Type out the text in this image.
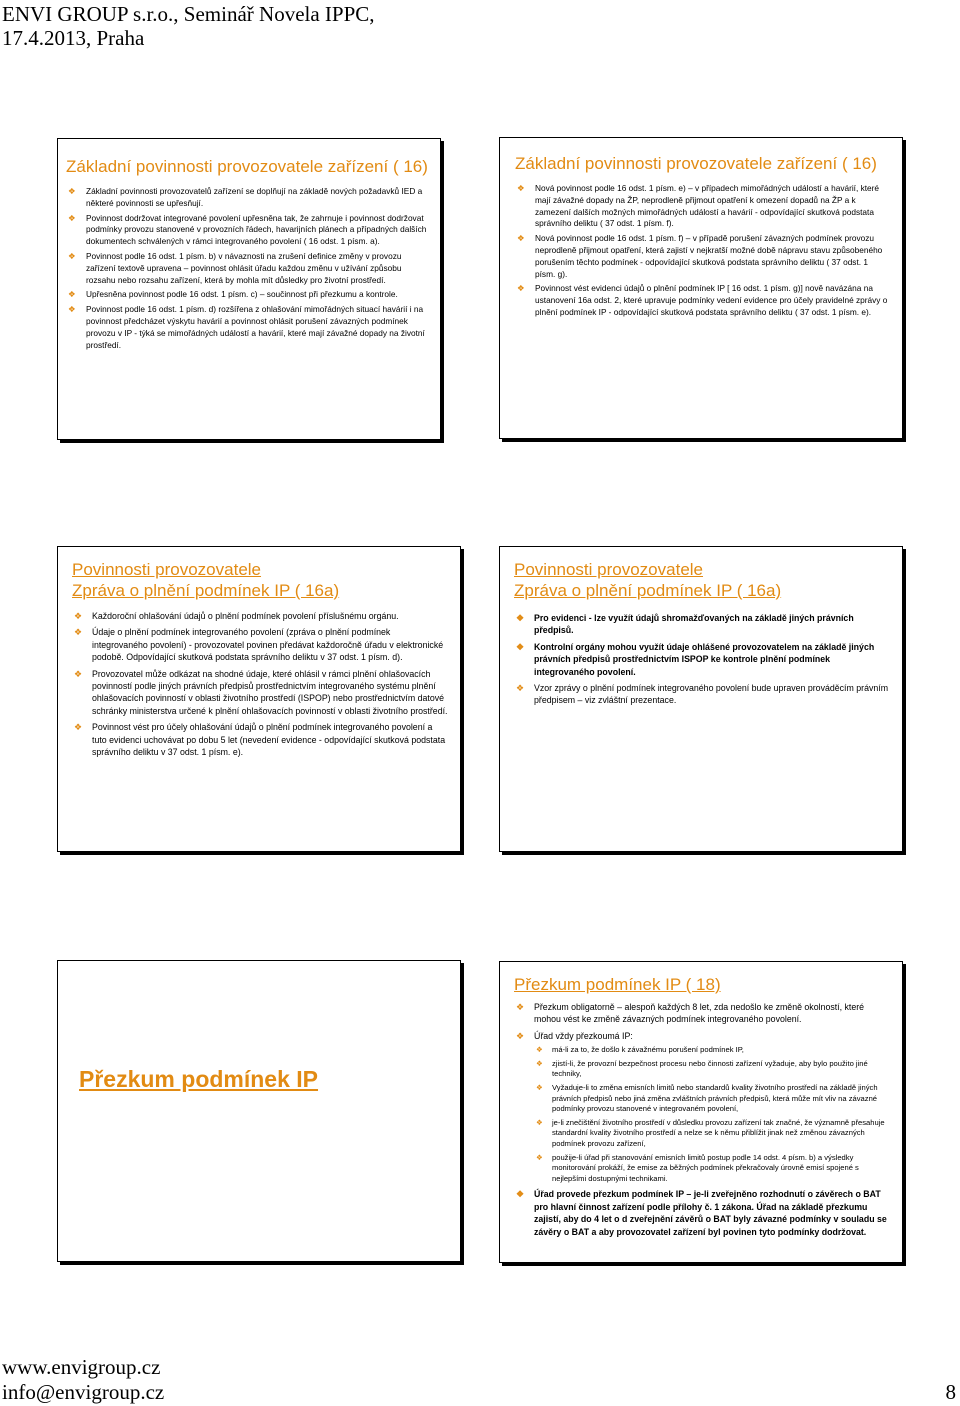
ENVI GROUP s.r.o., Seminář Novela IPPC,
17.4.2013, Praha
Základní povinnosti provozovatele zařízení ( 16)
❖ Základní povinnosti provozovatelů zařízení se doplňují na základě nových požadavků IED a některé povinnosti se upřesňují.
❖ Povinnost dodržovat integrované povolení upřesněna tak, že zahrnuje i povinnost dodržovat podmínky provozu stanovené v provozních řádech, havarijních plánech a případných dalších dokumentech schválených v rámci integrovaného povolení ( 16 odst. 1 písm. a).
❖ Povinnost podle 16 odst. 1 písm. b) v návaznosti na zrušení definice změny v provozu zařízení textově upravena – povinnost ohlásit úřadu každou změnu v užívání způsobu rozsahu nebo rozsahu zařízení, která by mohla mít důsledky pro životní prostředí.
❖ Upřesněna povinnost podle 16 odst. 1 písm. c) – součinnost při přezkumu a kontrole.
❖ Povinnost podle 16 odst. 1 písm. d) rozšířena z ohlašování mimořádných situací havárií i na povinnost předcházet výskytu havárií a povinnost ohlásit porušení závazných podmínek provozu v IP - týká se mimořádných událostí a havárií, které mají závažné dopady na životní prostředí.
Základní povinnosti provozovatele zařízení ( 16)
❖ Nová povinnost podle 16 odst. 1 písm. e) – v případech mimořádných událostí a havárií, které mají závažné dopady na ŽP, neprodleně přijmout opatření k omezení dopadů na ŽP a k zamezení dalších možných mimořádných událostí a havárií - odpovídající skutková podstata správního deliktu ( 37 odst. 1 písm. f).
❖ Nová povinnost podle 16 odst. 1 písm. f) – v případě porušení závazných podmínek provozu neprodleně přijmout opatření, která zajistí v nejkratší možné době nápravu stavu způsobeného porušením těchto podmínek - odpovídající skutková podstata správního deliktu ( 37 odst. 1 písm. g).
❖ Povinnost vést evidenci údajů o plnění podmínek IP [ 16 odst. 1 písm. g)] nově navázána na ustanovení 16a odst. 2, které upravuje podmínky vedení evidence pro účely pravidelné zprávy o plnění podmínek IP - odpovídající skutková podstata správního deliktu ( 37 odst. 1 písm. e).
Povinnosti provozovatele
Zpráva o plnění podmínek IP ( 16a)
❖ Každoroční ohlašování údajů o plnění podmínek povolení příslušnému orgánu.
❖ Údaje o plnění podmínek integrovaného povolení (zpráva o plnění podmínek integrovaného povolení) - provozovatel povinen předávat každoročně úřadu v elektronické podobě. Odpovídající skutková podstata správního deliktu v 37 odst. 1 písm. d).
❖ Provozovatel může odkázat na shodné údaje, které ohlásil v rámci plnění ohlašovacích povinností podle jiných právních předpisů prostřednictvím integrovaného systému plnění ohlašovacích povinností v oblasti životního prostředí (ISPOP) nebo prostřednictvím datové schránky ministerstva určené k plnění ohlašovacích povinností v oblasti životního prostředí.
❖ Povinnost vést pro účely ohlašování údajů o plnění podmínek integrovaného povolení a tuto evidenci uchovávat po dobu 5 let (nevedení evidence - odpovídající skutková podstata správního deliktu v 37 odst. 1 písm. e).
Povinnosti provozovatele
Zpráva o plnění podmínek IP ( 16a)
❖ Pro evidenci - lze využít údajů shromažďovaných na základě jiných právních předpisů.
❖ Kontrolní orgány mohou využít údaje ohlášené provozovatelem na základě jiných právních předpisů prostřednictvím ISPOP ke kontrole plnění podmínek integrovaného povolení.
❖ Vzor zprávy o plnění podmínek integrovaného povolení bude upraven prováděcím právním předpisem – viz zvláštní prezentace.
Přezkum podmínek IP
Přezkum podmínek IP ( 18)
❖ Přezkum obligatorně – alespoň každých 8 let, zda nedošlo ke změně okolností, které mohou vést ke změně závazných podmínek integrovaného povolení.
❖ Úřad vždy přezkoumá IP:
❖ má-li za to, že došlo k závažnému porušení podmínek IP,
❖ zjistí-li, že provozní bezpečnost procesu nebo činnosti zařízení vyžaduje, aby bylo použito jiné techniky,
❖ Vyžaduje-li to změna emisních limitů nebo standardů kvality životního prostředí na základě jiných právních předpisů nebo jiná změna zvláštních právních předpisů, která může mít vliv na závazné podmínky provozu stanovené v integrovaném povolení,
❖ je-li znečištění životního prostředí v důsledku provozu zařízení tak značné, že významně přesahuje standardní kvality životního prostředí a nelze se k němu přiblížit jinak než změnou závazných podmínek provozu zařízení,
❖ použije-li úřad při stanovování emisních limitů postup podle 14 odst. 4 písm. b) a výsledky monitorování prokáží, že emise za běžných podmínek překračovaly úrovně emisí spojené s nejlepšími dostupnými technikami.
❖ Úřad provede přezkum podmínek IP – je-li zveřejněno rozhodnutí o závěrech o BAT pro hlavní činnost zařízení podle přílohy č. 1 zákona. Úřad na základě přezkumu zajistí, aby do 4 let o d zveřejnění závěrů o BAT byly závazné podmínky v souladu se závěry o BAT a aby provozovatel zařízení byl povinen tyto podmínky dodržovat.
www.envigroup.cz
info@envigroup.cz	8
